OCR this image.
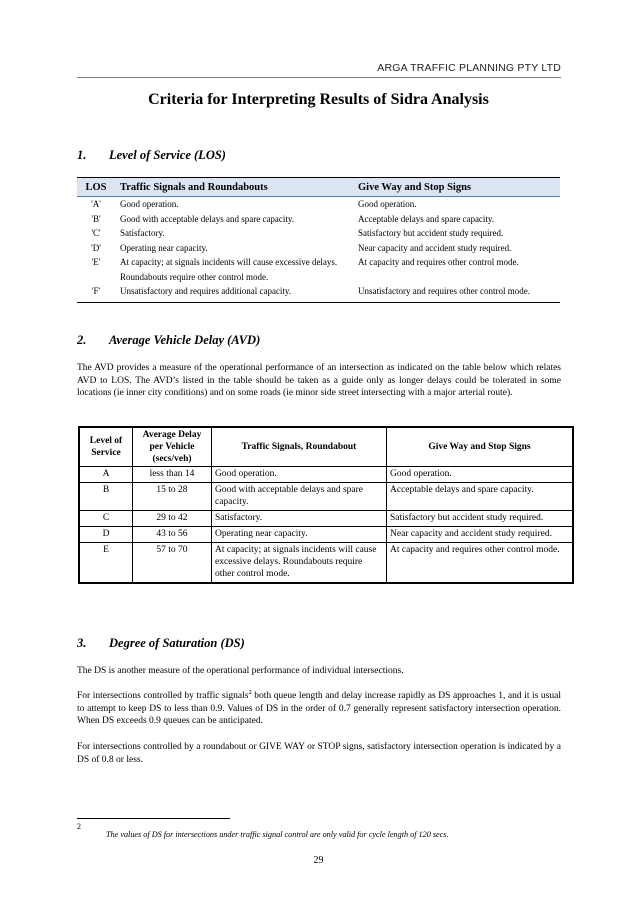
ARGA TRAFFIC PLANNING PTY LTD
Criteria for Interpreting Results of Sidra Analysis
1. Level of Service (LOS)
LOS	Traffic Signals and Roundabouts	Give Way and Stop Signs
'A'	Good operation.	Good operation.
'B'	Good with acceptable delays and spare capacity.	Acceptable delays and spare capacity.
'C'	Satisfactory.	Satisfactory but accident study required.
'D'	Operating near capacity.	Near capacity and accident study required.
'E'	At capacity; at signals incidents will cause excessive delays. Roundabouts require other control mode.	At capacity and requires other control mode.
'F'	Unsatisfactory and requires additional capacity.	Unsatisfactory and requires other control mode.
2. Average Vehicle Delay (AVD)
The AVD provides a measure of the operational performance of an intersection as indicated on the table below which relates AVD to LOS. The AVD’s listed in the table should be taken as a guide only as longer delays could be tolerated in some locations (ie inner city conditions) and on some roads (ie minor side street intersecting with a major arterial route).
Level of Service	Average Delay per Vehicle (secs/veh)	Traffic Signals, Roundabout	Give Way and Stop Signs
A	less than 14	Good operation.	Good operation.
B	15 to 28	Good with acceptable delays and spare capacity.	Acceptable delays and spare capacity.
C	29 to 42	Satisfactory.	Satisfactory but accident study required.
D	43 to 56	Operating near capacity.	Near capacity and accident study required.
E	57 to 70	At capacity; at signals incidents will cause excessive delays. Roundabouts require other control mode.	At capacity and requires other control mode.
3. Degree of Saturation (DS)
The DS is another measure of the operational performance of individual intersections.
For intersections controlled by traffic signals$^2$ both queue length and delay increase rapidly as DS approaches 1, and it is usual to attempt to keep DS to less than 0.9. Values of DS in the order of 0.7 generally represent satisfactory intersection operation. When DS exceeds 0.9 queues can be anticipated.
For intersections controlled by a roundabout or GIVE WAY or STOP signs, satisfactory intersection operation is indicated by a DS of 0.8 or less.
2
The values of DS for intersections under traffic signal control are only valid for cycle length of 120 secs.
29
